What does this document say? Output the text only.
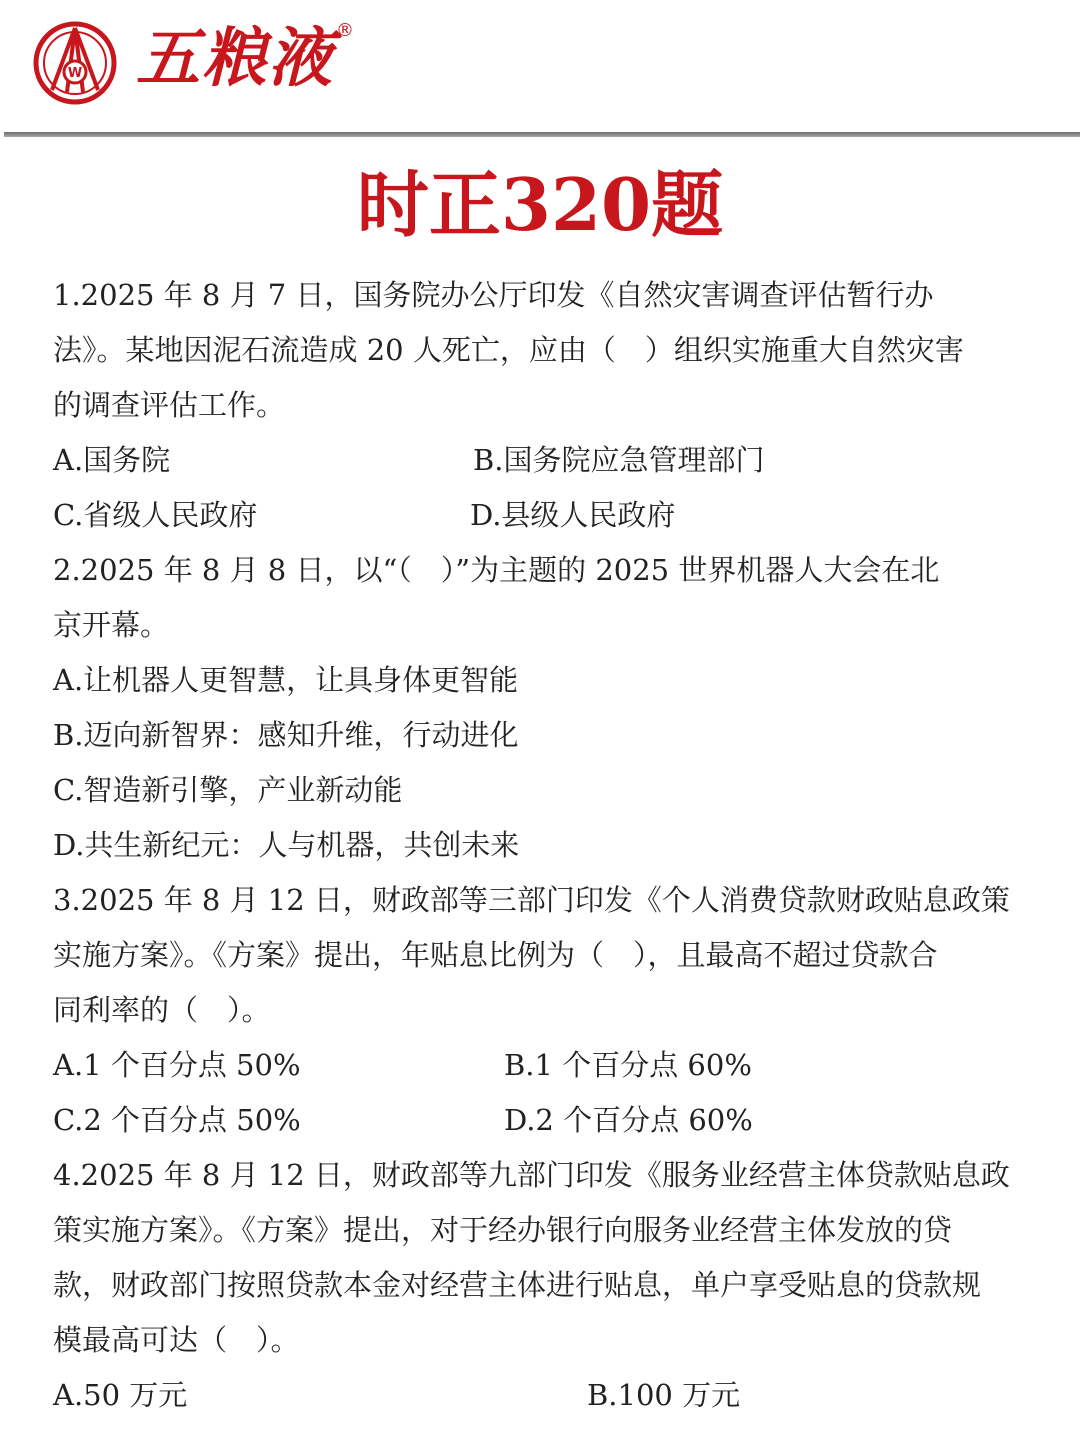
W 五粮液 ®
时正320题
1.2025 年 8 月 7 日，国务院办公厅印发《自然灾害调查评估暂行办
法》。某地因泥石流造成 20 人死亡，应由（　）组织实施重大自然灾害
的调查评估工作。
A.国务院	B.国务院应急管理部门
C.省级人民政府	D.县级人民政府
2.2025 年 8 月 8 日，以“（　）”为主题的 2025 世界机器人大会在北
京开幕。
A.让机器人更智慧，让具身体更智能
B.迈向新智界：感知升维，行动进化
C.智造新引擎，产业新动能
D.共生新纪元：人与机器，共创未来
3.2025 年 8 月 12 日，财政部等三部门印发《个人消费贷款财政贴息政策
实施方案》。《方案》提出，年贴息比例为（　），且最高不超过贷款合
同利率的（　）。
A.1 个百分点 50%	B.1 个百分点 60%
C.2 个百分点 50%	D.2 个百分点 60%
4.2025 年 8 月 12 日，财政部等九部门印发《服务业经营主体贷款贴息政
策实施方案》。《方案》提出，对于经办银行向服务业经营主体发放的贷
款，财政部门按照贷款本金对经营主体进行贴息，单户享受贴息的贷款规
模最高可达（　）。
A.50 万元	B.100 万元
